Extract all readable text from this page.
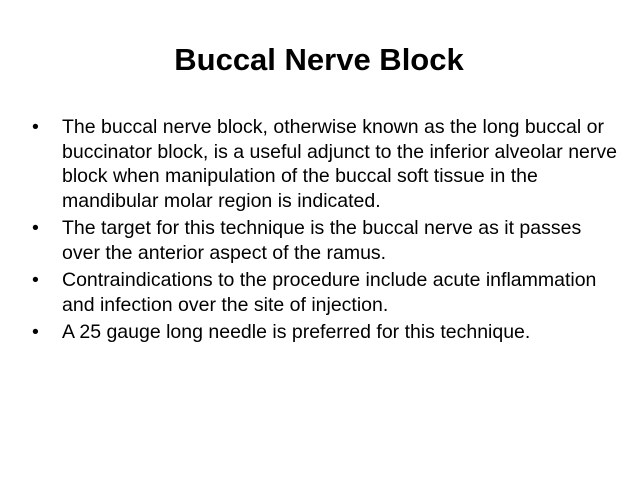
Buccal Nerve Block
•	The buccal nerve block, otherwise known as the long buccal or buccinator block, is a useful adjunct to the inferior alveolar nerve block when manipulation of the buccal soft tissue in the mandibular molar region is indicated.
•	The target for this technique is the buccal nerve as it passes over the anterior aspect of the ramus.
•	Contraindications to the procedure include acute inflammation and infection over the site of injection.
•	A 25 gauge long needle is preferred for this technique.
